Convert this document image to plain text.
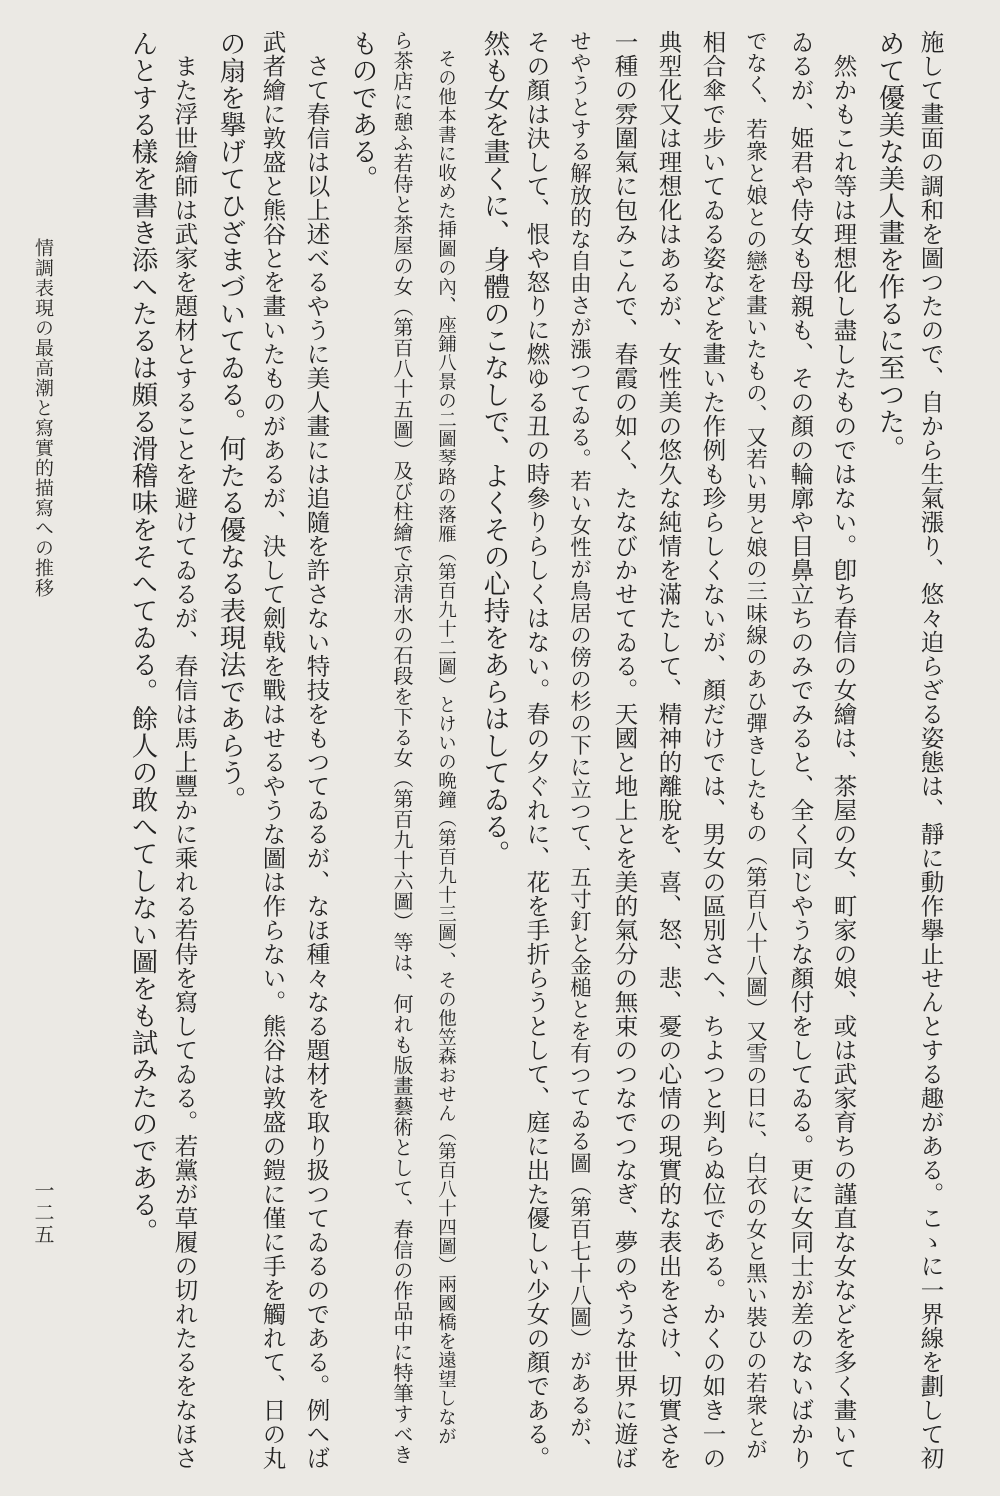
施して畫面の調和を圖つたので、自から生氣漲り、悠々迫らざる姿態は、靜に動作擧止せんとする趣がある。こゝに一界線を劃して初
めて優美な美人畫を作るに至つた。
　然かもこれ等は理想化し盡したものではない。卽ち春信の女繪は、茶屋の女、町家の娘、或は武家育ちの謹直な女などを多く畫いて
ゐるが、姫君や侍女も母親も、その顏の輪廓や目鼻立ちのみでみると、全く同じやうな顏付をしてゐる。更に女同士が差のないばかり
でなく、若衆と娘との戀を畫いたもの、又若い男と娘の三味線のあひ彈きしたもの（第百八十八圖）又雪の日に、白衣の女と黑い裝ひの若衆とが
相合傘で步いてゐる姿などを畫いた作例も珍らしくないが、顏だけでは、男女の區別さへ、ちよつと判らぬ位である。かくの如き一の
典型化又は理想化はあるが、女性美の悠久な純情を滿たして、精神的離脫を、喜、怒、悲、憂の心情の現實的な表出をさけ、切實さを
一種の雰圍氣に包みこんで、春霞の如く、たなびかせてゐる。天國と地上とを美的氣分の無束のつなでつなぎ、夢のやうな世界に遊ば
せやうとする解放的な自由さが漲つてゐる。若い女性が鳥居の傍の杉の下に立つて、五寸釘と金槌とを有つてゐる圖（第百七十八圖）があるが、
その顏は決して、恨や怒りに燃ゆる丑の時參りらしくはない。春の夕ぐれに、花を手折らうとして、庭に出た優しい少女の顏である。
然も女を畫くに、身體のこなしで、よくその心持をあらはしてゐる。
　その他本書に收めた挿圖の內、座鋪八景の二圖琴路の落雁（第百九十二圖）とけいの晩鐘（第百九十三圖）、その他笠森おせん（第百八十四圖）兩國橋を遠望しなが
ら茶店に憩ふ若侍と茶屋の女（第百八十五圖）及び柱繪で京淸水の石段を下る女（第百九十六圖）等は、何れも版畫藝術として、春信の作品中に特筆すべき
ものである。
　さて春信は以上述べるやうに美人畫には追隨を許さない特技をもつてゐるが、なほ種々なる題材を取り扱つてゐるのである。例へば
武者繪に敦盛と熊谷とを畫いたものがあるが、決して劍戟を戰はせるやうな圖は作らない。熊谷は敦盛の鎧に僅に手を觸れて、日の丸
の扇を擧げてひざまづいてゐる。何たる優なる表現法であらう。
　また浮世繪師は武家を題材とすることを避けてゐるが、春信は馬上豐かに乘れる若侍を寫してゐる。若黨が草履の切れたるをなほさ
んとする樣を書き添へたるは頗る滑稽味をそへてゐる。餘人の敢へてしない圖をも試みたのである。
情調表現の最高潮と寫實的描寫への推移
一二五
